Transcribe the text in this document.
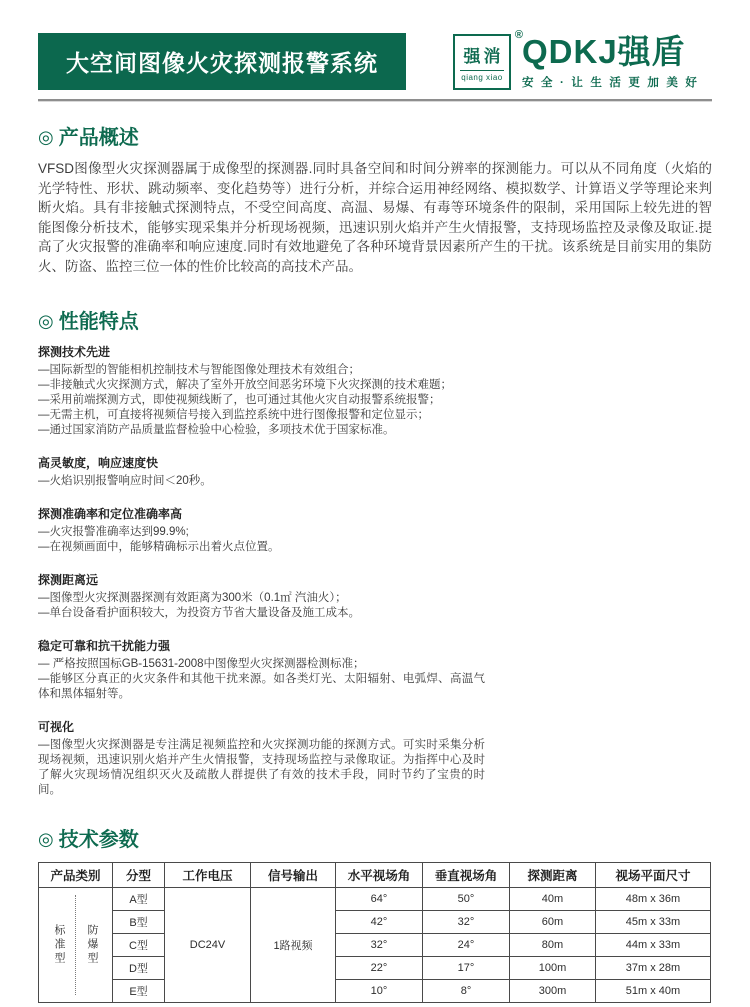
大空间图像火灾探测报警系统	强消
qiang xiao
® QDKJ强盾
安全·让生活更加美好
◎ 产品概述

VFSD图像型火灾探测器属于成像型的探测器.同时具备空间和时间分辨率的探测能力。可以从不同角度（火焰的光学特性、形状、跳动频率、变化趋势等）进行分析，并综合运用神经网络、模拟数学、计算语义学等理论来判断火焰。具有非接触式探测特点，不受空间高度、高温、易爆、有毒等环境条件的限制，采用国际上较先进的智能图像分析技术，能够实现采集并分析现场视频，迅速识别火焰并产生火情报警，支持现场监控及录像及取证.提高了火灾报警的准确率和响应速度.同时有效地避免了各种环境背景因素所产生的干扰。该系统是目前实用的集防火、防盗、监控三位一体的性价比较高的高技术产品。

◎ 性能特点
探测技术先进
—国际新型的智能相机控制技术与智能图像处理技术有效组合；
—非接触式火灾探测方式，解决了室外开放空间恶劣环境下火灾探测的技术难题；
—采用前端探测方式，即使视频线断了，也可通过其他火灾自动报警系统报警；
—无需主机，可直接将视频信号接入到监控系统中进行图像报警和定位显示；
—通过国家消防产品质量监督检验中心检验，多项技术优于国家标准。
高灵敏度，响应速度快
—火焰识别报警响应时间＜20秒。
探测准确率和定位准确率高
—火灾报警准确率达到99.9%;
—在视频画面中，能够精确标示出着火点位置。
探测距离远
—图像型火灾探测器探测有效距离为300米（0.1㎡ 汽油火）；
—单台设备看护面积较大，为投资方节省大量设备及施工成本。
稳定可靠和抗干扰能力强
— 严格按照国标GB-15631-2008中图像型火灾探测器检测标准；
—能够区分真正的火灾条件和其他干扰来源。如各类灯光、太阳辐射、电弧焊、高温气体和黑体辐射等。
可视化
—图像型火灾探测器是专注满足视频监控和火灾探测功能的探测方式。可实时采集分析现场视频，迅速识别火焰并产生火情报警，支持现场监控与录像取证。为指挥中心及时了解火灾现场情况组织灭火及疏散人群提供了有效的技术手段，同时节约了宝贵的时间。
◎ 技术参数
产品类别	分型	工作电压	信号输出	水平视场角	垂直视场角	探测距离	视场平面尺寸

标准型 防爆型	A型	DC24V	1路视频	64°	50°	40m	48m x 36m
	B型			42°	32°	60m	45m x 33m
	C型			32°	24°	80m	44m x 33m
	D型			22°	17°	100m	37m x 28m
	E型			10°	8°	300m	51m x 40m
